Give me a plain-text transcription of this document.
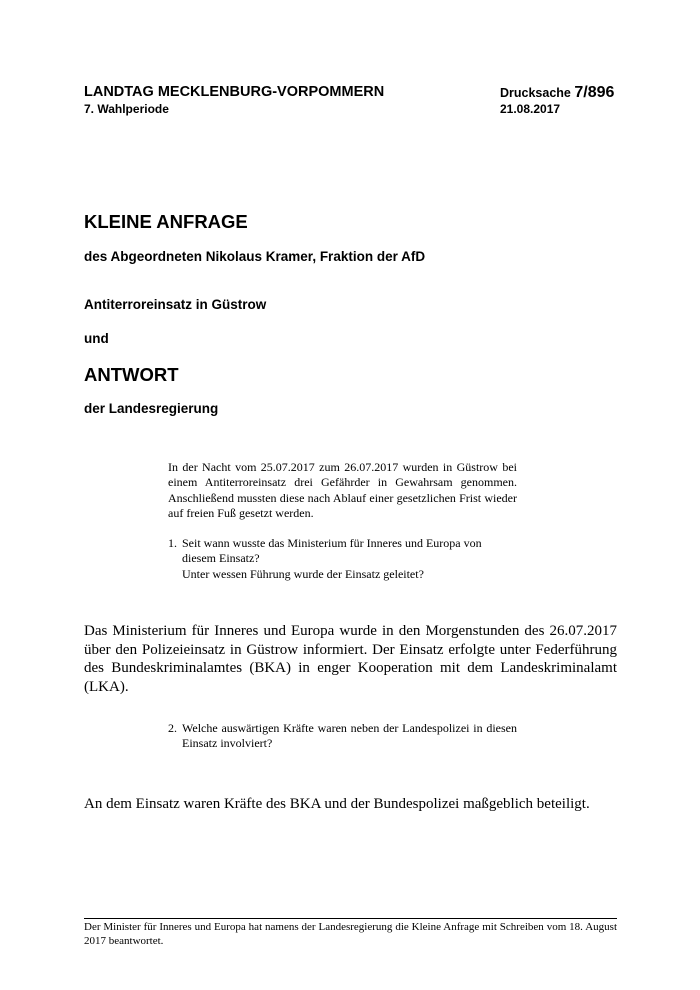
LANDTAG MECKLENBURG-VORPOMMERN
7. Wahlperiode
Drucksache 7/896
21.08.2017
KLEINE ANFRAGE
des Abgeordneten Nikolaus Kramer, Fraktion der AfD
Antiterroreinsatz in Güstrow
und
ANTWORT
der Landesregierung
In der Nacht vom 25.07.2017 zum 26.07.2017 wurden in Güstrow bei einem Antiterroreinsatz drei Gefährder in Gewahrsam genommen. Anschließend mussten diese nach Ablauf einer gesetzlichen Frist wieder auf freien Fuß gesetzt werden.
1. Seit wann wusste das Ministerium für Inneres und Europa von diesem Einsatz?
Unter wessen Führung wurde der Einsatz geleitet?
Das Ministerium für Inneres und Europa wurde in den Morgenstunden des 26.07.2017 über den Polizeieinsatz in Güstrow informiert. Der Einsatz erfolgte unter Federführung des Bundeskriminalamtes (BKA) in enger Kooperation mit dem Landeskriminalamt (LKA).
2. Welche auswärtigen Kräfte waren neben der Landespolizei in diesen Einsatz involviert?
An dem Einsatz waren Kräfte des BKA und der Bundespolizei maßgeblich beteiligt.
Der Minister für Inneres und Europa hat namens der Landesregierung die Kleine Anfrage mit Schreiben vom 18. August 2017 beantwortet.
